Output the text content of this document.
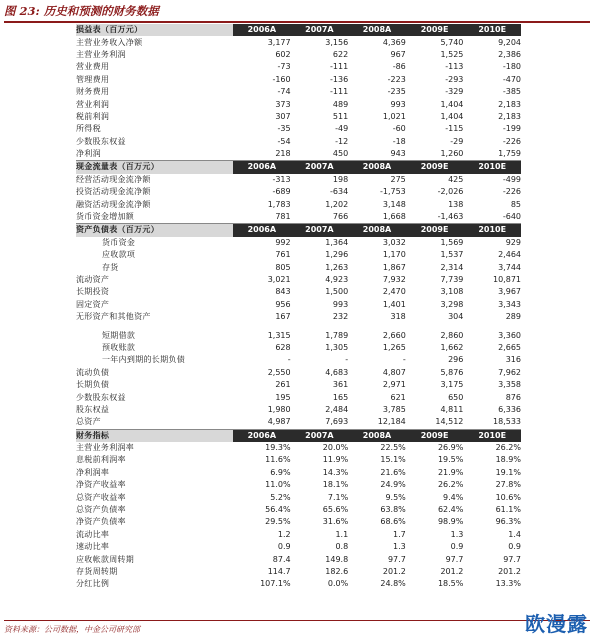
图 23: 历史和预测的财务数据
损益表（百万元）	2006A	2007A	2008A	2009E	2010E
主营业务收入净额	3,177	3,156	4,369	5,740	9,204
主营业务利润	602	622	967	1,525	2,386
营业费用	-73	-111	-86	-113	-180
管理费用	-160	-136	-223	-293	-470
财务费用	-74	-111	-235	-329	-385
营业利润	373	489	993	1,404	2,183
税前利润	307	511	1,021	1,404	2,183
所得税	-35	-49	-60	-115	-199
少数股东权益	-54	-12	-18	-29	-226
净利润	218	450	943	1,260	1,759
现金流量表（百万元）	2006A	2007A	2008A	2009E	2010E
经营活动现金流净额	-313	198	275	425	-499
投资活动现金流净额	-689	-634	-1,753	-2,026	-226
融资活动现金流净额	1,783	1,202	3,148	138	85
货币资金增加额	781	766	1,668	-1,463	-640
资产负债表（百万元）	2006A	2007A	2008A	2009E	2010E
货币资金	992	1,364	3,032	1,569	929
应收款项	761	1,296	1,170	1,537	2,464
存货	805	1,263	1,867	2,314	3,744
流动资产	3,021	4,923	7,932	7,739	10,871
长期投资	843	1,500	2,470	3,108	3,967
固定资产	956	993	1,401	3,298	3,343
无形资产和其他资产	167	232	318	304	289

短期借款	1,315	1,789	2,660	2,860	3,360
预收账款	628	1,305	1,265	1,662	2,665
一年内到期的长期负债	-	-	-	296	316
流动负债	2,550	4,683	4,807	5,876	7,962
长期负债	261	361	2,971	3,175	3,358
少数股东权益	195	165	621	650	876
股东权益	1,980	2,484	3,785	4,811	6,336
总资产	4,987	7,693	12,184	14,512	18,533
财务指标	2006A	2007A	2008A	2009E	2010E
主营业务利润率	19.3%	20.0%	22.5%	26.9%	26.2%
息税前利润率	11.6%	11.9%	15.1%	19.5%	18.9%
净利润率	6.9%	14.3%	21.6%	21.9%	19.1%
净资产收益率	11.0%	18.1%	24.9%	26.2%	27.8%
总资产收益率	5.2%	7.1%	9.5%	9.4%	10.6%
总资产负债率	56.4%	65.6%	63.8%	62.4%	61.1%
净资产负债率	29.5%	31.6%	68.6%	98.9%	96.3%
流动比率	1.2	1.1	1.7	1.3	1.4
速动比率	0.9	0.8	1.3	0.9	0.9
应收帐款周转期	87.4	149.8	97.7	97.7	97.7
存货周转期	114.7	182.6	201.2	201.2	201.2
分红比例	107.1%	0.0%	24.8%	18.5%	13.3%
资料来源：公司数据，中金公司研究部	欧漫露
